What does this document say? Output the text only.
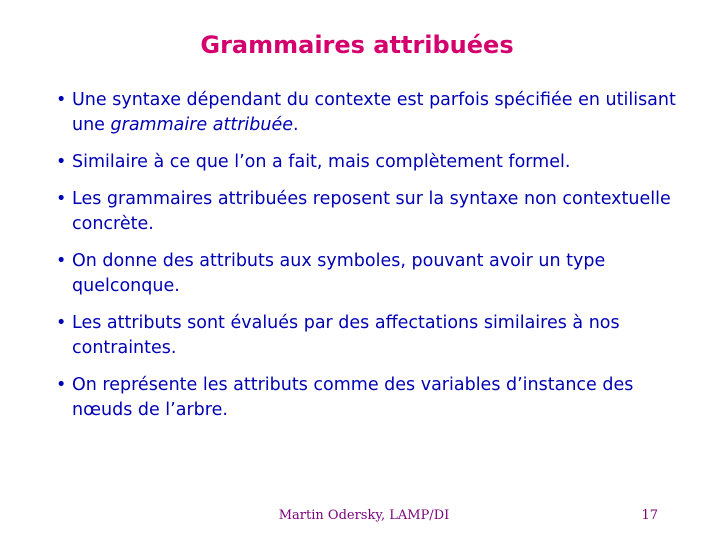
Grammaires attribuées
• Une syntaxe dépendant du contexte est parfois spécifiée en utilisant une grammaire attribuée.
• Similaire à ce que l’on a fait, mais complètement formel.
• Les grammaires attribuées reposent sur la syntaxe non contextuelle concrète.
• On donne des attributs aux symboles, pouvant avoir un type quelconque.
• Les attributs sont évalués par des affectations similaires à nos contraintes.
• On représente les attributs comme des variables d’instance des nœuds de l’arbre.
Martin Odersky, LAMP/DI	17
